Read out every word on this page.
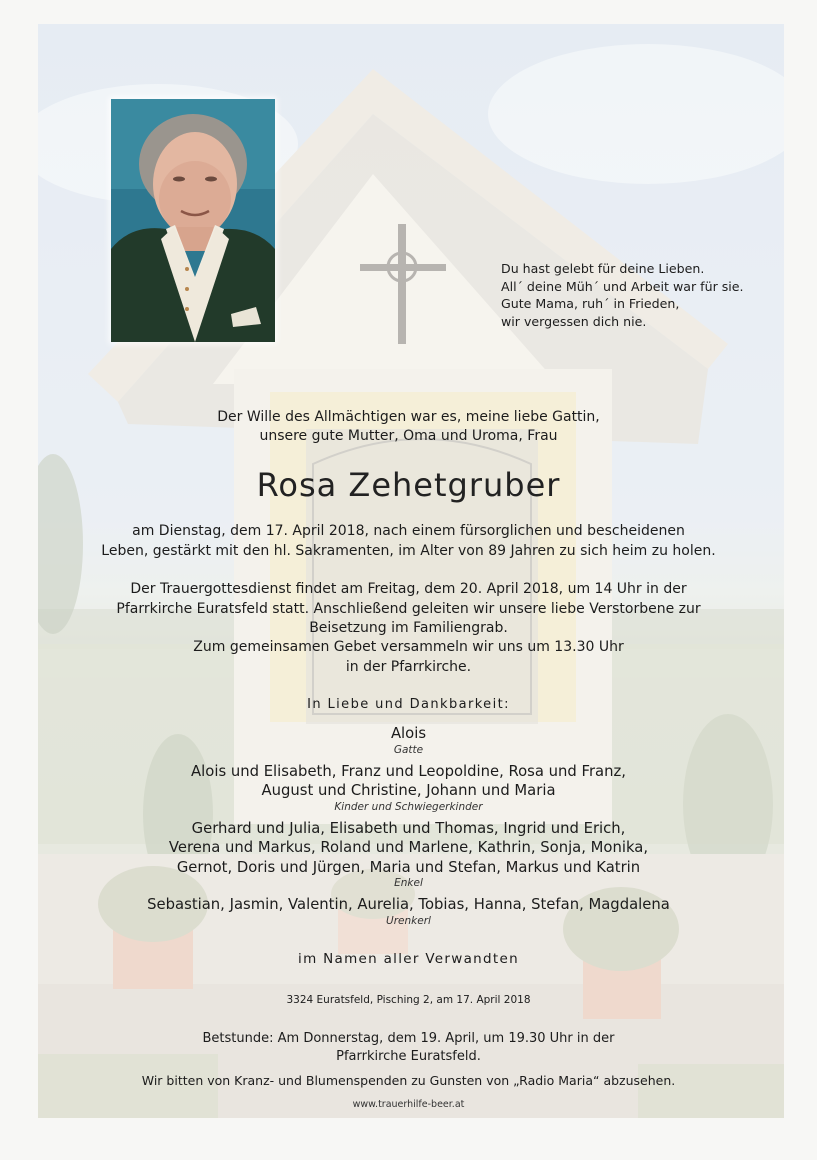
Du hast gelebt für deine Lieben.
All´ deine Müh´ und Arbeit war für sie.
Gute Mama, ruh´ in Frieden,
wir vergessen dich nie.
Der Wille des Allmächtigen war es, meine liebe Gattin,
unsere gute Mutter, Oma und Uroma, Frau
Rosa Zehetgruber
am Dienstag, dem 17. April 2018, nach einem fürsorglichen und bescheidenen
Leben, gestärkt mit den hl. Sakramenten, im Alter von 89 Jahren zu sich heim zu holen.
Der Trauergottesdienst findet am Freitag, dem 20. April 2018, um 14 Uhr in der
Pfarrkirche Euratsfeld statt. Anschließend geleiten wir unsere liebe Verstorbene zur
Beisetzung im Familiengrab.
Zum gemeinsamen Gebet versammeln wir uns um 13.30 Uhr
in der Pfarrkirche.
In Liebe und Dankbarkeit:
Alois
Gatte
Alois und Elisabeth, Franz und Leopoldine, Rosa und Franz,
August und Christine, Johann und Maria
Kinder und Schwiegerkinder
Gerhard und Julia, Elisabeth und Thomas, Ingrid und Erich,
Verena und Markus, Roland und Marlene, Kathrin, Sonja, Monika,
Gernot, Doris und Jürgen, Maria und Stefan, Markus und Katrin
Enkel
Sebastian, Jasmin, Valentin, Aurelia, Tobias, Hanna, Stefan, Magdalena
Urenkerl
im Namen aller Verwandten
3324 Euratsfeld, Pisching 2, am 17. April 2018
Betstunde: Am Donnerstag, dem 19. April, um 19.30 Uhr in der
Pfarrkirche Euratsfeld.
Wir bitten von Kranz- und Blumenspenden zu Gunsten von „Radio Maria“ abzusehen.
www.trauerhilfe-beer.at
